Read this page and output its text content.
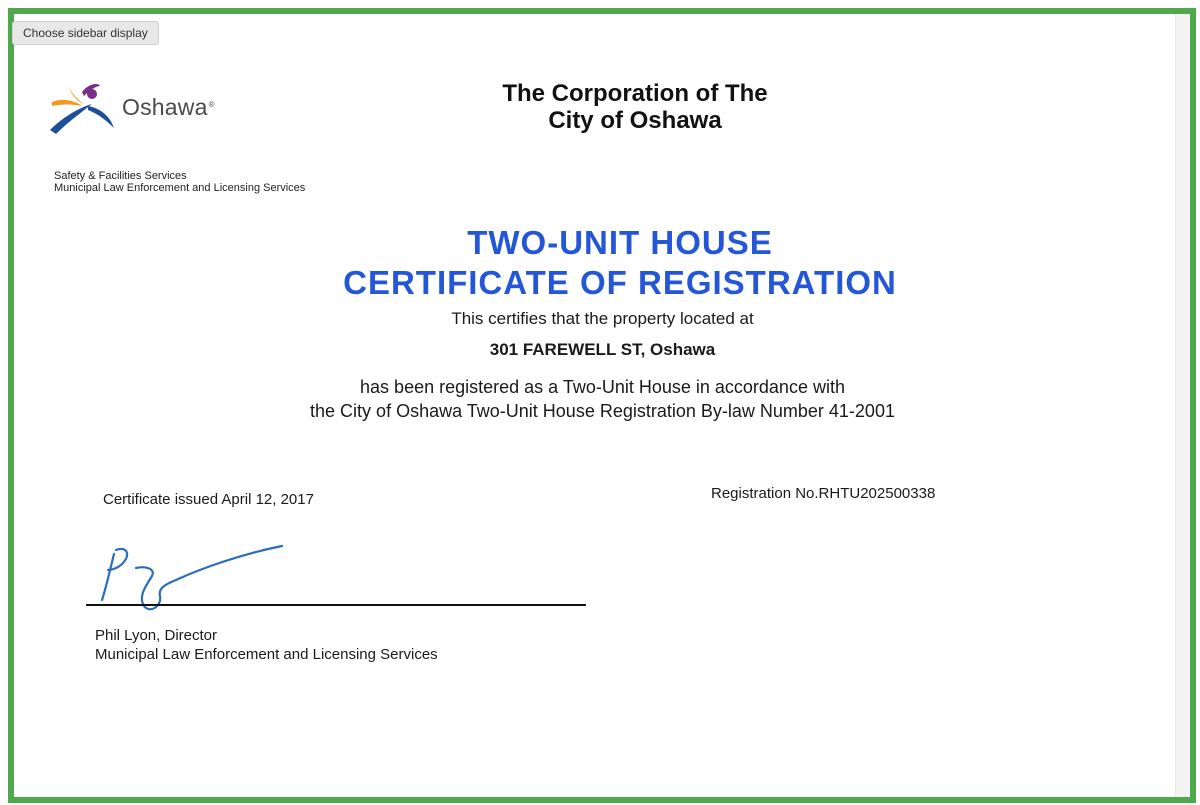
Choose sidebar display
Oshawa®	The Corporation of The
City of Oshawa
Safety & Facilities Services
Municipal Law Enforcement and Licensing Services
TWO-UNIT HOUSE
CERTIFICATE OF REGISTRATION
This certifies that the property located at
301 FAREWELL ST, Oshawa
has been registered as a Two-Unit House in accordance with
the City of Oshawa Two-Unit House Registration By-law Number 41-2001
Certificate issued April 12, 2017	Registration No.RHTU202500338
Phil Lyon, Director
Municipal Law Enforcement and Licensing Services
